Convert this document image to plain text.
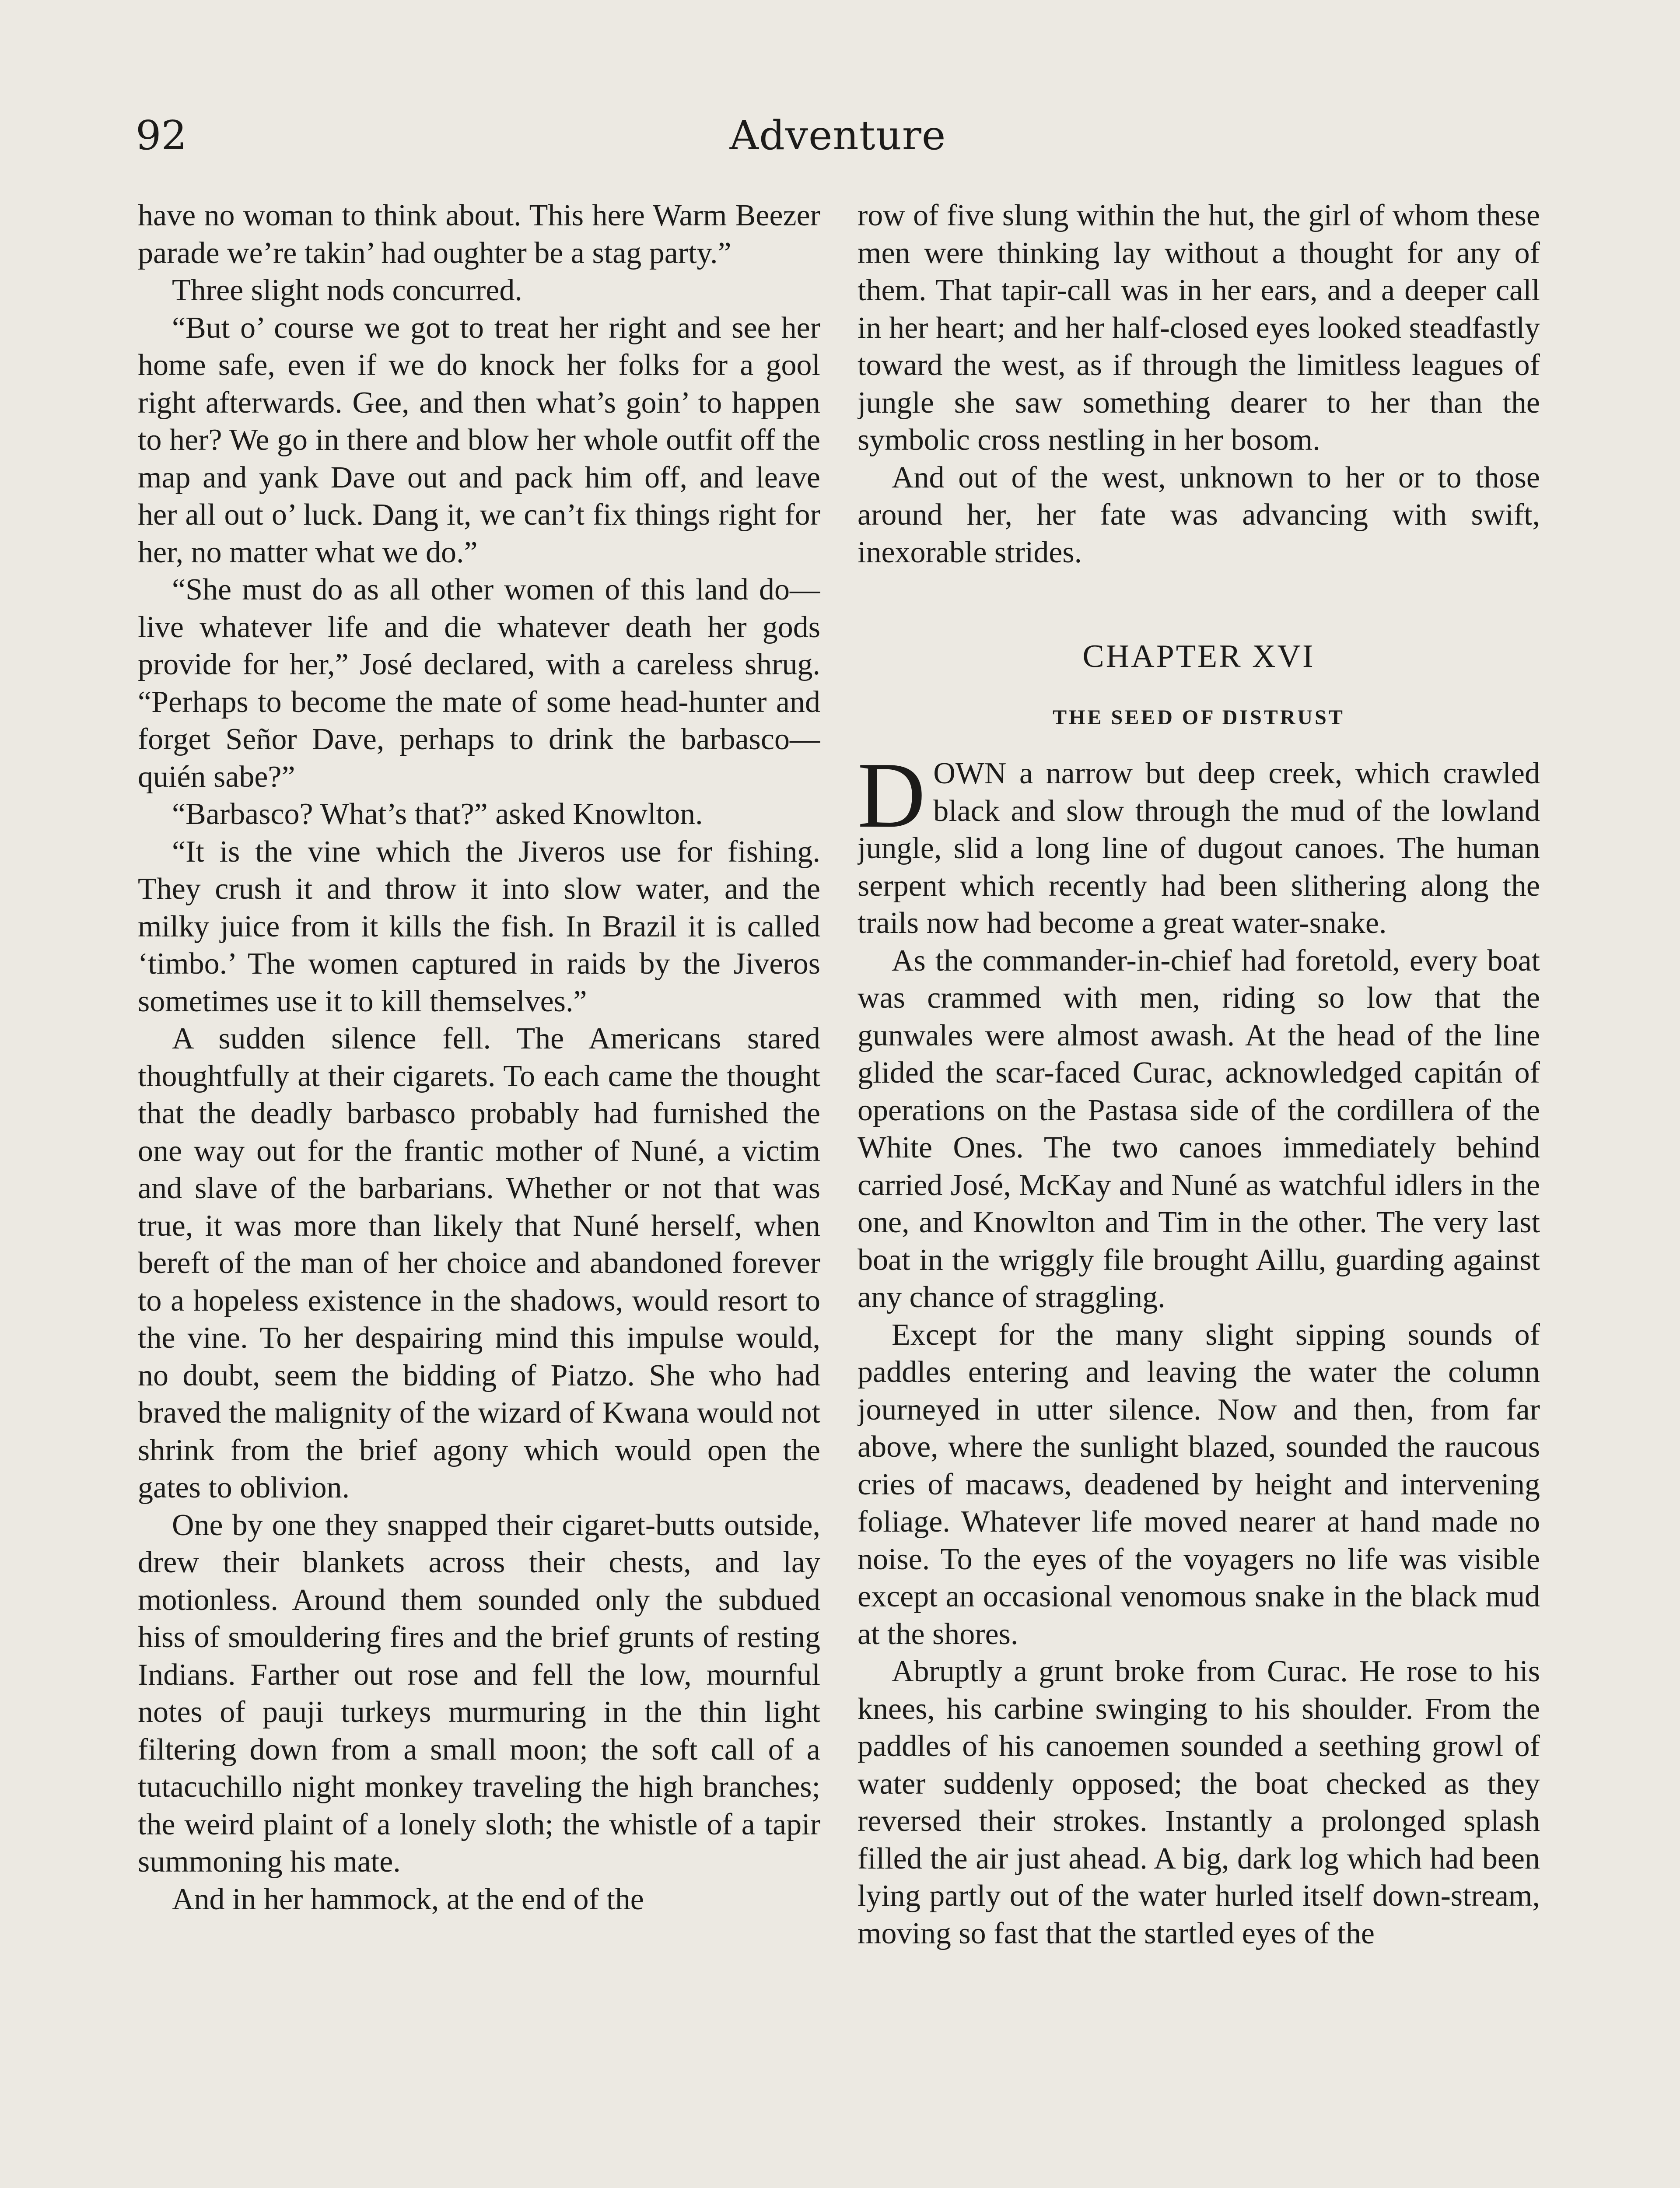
92	Adventure

have no woman to think about. This here Warm Beezer parade we’re takin’ had oughter be a stag party.”

Three slight nods concurred.

“But o’ course we got to treat her right and see her home safe, even if we do knock her folks for a gool right afterwards. Gee, and then what’s goin’ to happen to her? We go in there and blow her whole outfit off the map and yank Dave out and pack him off, and leave her all out o’ luck. Dang it, we can’t fix things right for her, no matter what we do.”

“She must do as all other women of this land do—live whatever life and die whatever death her gods provide for her,” José declared, with a careless shrug. “Perhaps to become the mate of some head-hunter and forget Señor Dave, perhaps to drink the barbasco—quién sabe?”

“Barbasco? What’s that?” asked Knowlton.

“It is the vine which the Jiveros use for fishing. They crush it and throw it into slow water, and the milky juice from it kills the fish. In Brazil it is called ‘timbo.’ The women captured in raids by the Jiveros sometimes use it to kill themselves.”

A sudden silence fell. The Americans stared thoughtfully at their cigarets. To each came the thought that the deadly barbasco probably had furnished the one way out for the frantic mother of Nuné, a victim and slave of the barbarians. Whether or not that was true, it was more than likely that Nuné herself, when bereft of the man of her choice and abandoned forever to a hopeless existence in the shadows, would resort to the vine. To her despairing mind this impulse would, no doubt, seem the bidding of Piatzo. She who had braved the malignity of the wizard of Kwana would not shrink from the brief agony which would open the gates to oblivion.

One by one they snapped their cigaret-butts outside, drew their blankets across their chests, and lay motionless. Around them sounded only the subdued hiss of smouldering fires and the brief grunts of resting Indians. Farther out rose and fell the low, mournful notes of pauji turkeys murmuring in the thin light filtering down from a small moon; the soft call of a tutacuchillo night monkey traveling the high branches; the weird plaint of a lonely sloth; the whistle of a tapir summoning his mate.

And in her hammock, at the end of the

row of five slung within the hut, the girl of whom these men were thinking lay without a thought for any of them. That tapir-call was in her ears, and a deeper call in her heart; and her half-closed eyes looked steadfastly toward the west, as if through the limitless leagues of jungle she saw something dearer to her than the symbolic cross nestling in her bosom.

And out of the west, unknown to her or to those around her, her fate was advancing with swift, inexorable strides.

CHAPTER XVI
THE SEED OF DISTRUST

DOWN a narrow but deep creek, which crawled black and slow through the mud of the lowland jungle, slid a long line of dugout canoes. The human serpent which recently had been slithering along the trails now had become a great water-snake.

As the commander-in-chief had foretold, every boat was crammed with men, riding so low that the gunwales were almost awash. At the head of the line glided the scar-faced Curac, acknowledged capitán of operations on the Pastasa side of the cordillera of the White Ones. The two canoes immediately behind carried José, McKay and Nuné as watchful idlers in the one, and Knowlton and Tim in the other. The very last boat in the wriggly file brought Aillu, guarding against any chance of straggling.

Except for the many slight sipping sounds of paddles entering and leaving the water the column journeyed in utter silence. Now and then, from far above, where the sunlight blazed, sounded the raucous cries of macaws, deadened by height and intervening foliage. Whatever life moved nearer at hand made no noise. To the eyes of the voyagers no life was visible except an occasional venomous snake in the black mud at the shores.

Abruptly a grunt broke from Curac. He rose to his knees, his carbine swinging to his shoulder. From the paddles of his canoemen sounded a seething growl of water suddenly opposed; the boat checked as they reversed their strokes. Instantly a prolonged splash filled the air just ahead. A big, dark log which had been lying partly out of the water hurled itself down-stream, moving so fast that the startled eyes of the
